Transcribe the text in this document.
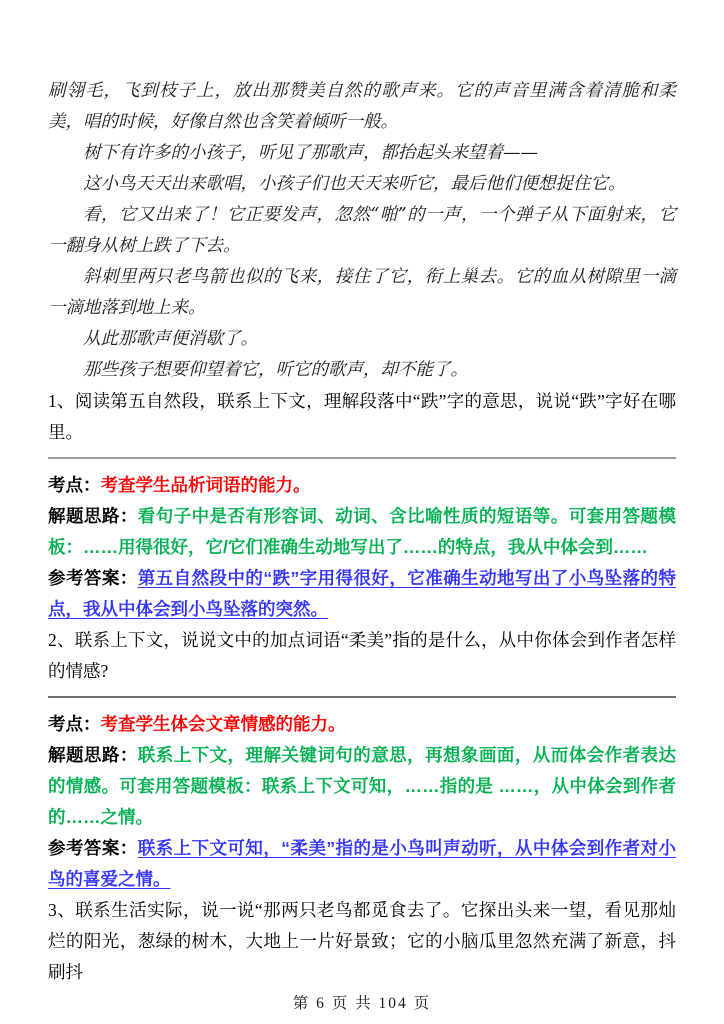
刷翎毛，飞到枝子上，放出那赞美自然的歌声来。它的声音里满含着清脆和柔美，唱的时候，好像自然也含笑着倾听一般。

树下有许多的小孩子，听见了那歌声，都抬起头来望着——

这小鸟天天出来歌唱，小孩子们也天天来听它，最后他们便想捉住它。

看，它又出来了！它正要发声，忽然“啪”的一声，一个弹子从下面射来，它一翻身从树上跌了下去。

斜刺里两只老鸟箭也似的飞来，接住了它，衔上巢去。它的血从树隙里一滴一滴地落到地上来。

从此那歌声便消歇了。

那些孩子想要仰望着它，听它的歌声，却不能了。

1、阅读第五自然段，联系上下文，理解段落中“跌”字的意思，说说“跌”字好在哪里。

考点：考查学生品析词语的能力。

解题思路：看句子中是否有形容词、动词、含比喻性质的短语等。可套用答题模板：……用得很好，它/它们准确生动地写出了……的特点，我从中体会到……

参考答案：第五自然段中的“跌”字用得很好，它准确生动地写出了小鸟坠落的特点，我从中体会到小鸟坠落的突然。

2、联系上下文，说说文中的加点词语“柔美”指的是什么，从中你体会到作者怎样的情感?

考点：考查学生体会文章情感的能力。

解题思路：联系上下文，理解关键词句的意思，再想象画面，从而体会作者表达的情感。可套用答题模板：联系上下文可知，……指的是 ……，从中体会到作者的……之情。

参考答案：联系上下文可知，“柔美”指的是小鸟叫声动听，从中体会到作者对小鸟的喜爱之情。

3、联系生活实际，说一说“那两只老鸟都觅食去了。它探出头来一望，看见那灿烂的阳光，葱绿的树木，大地上一片好景致；它的小脑瓜里忽然充满了新意，抖刷抖

第 6 页 共 104 页
